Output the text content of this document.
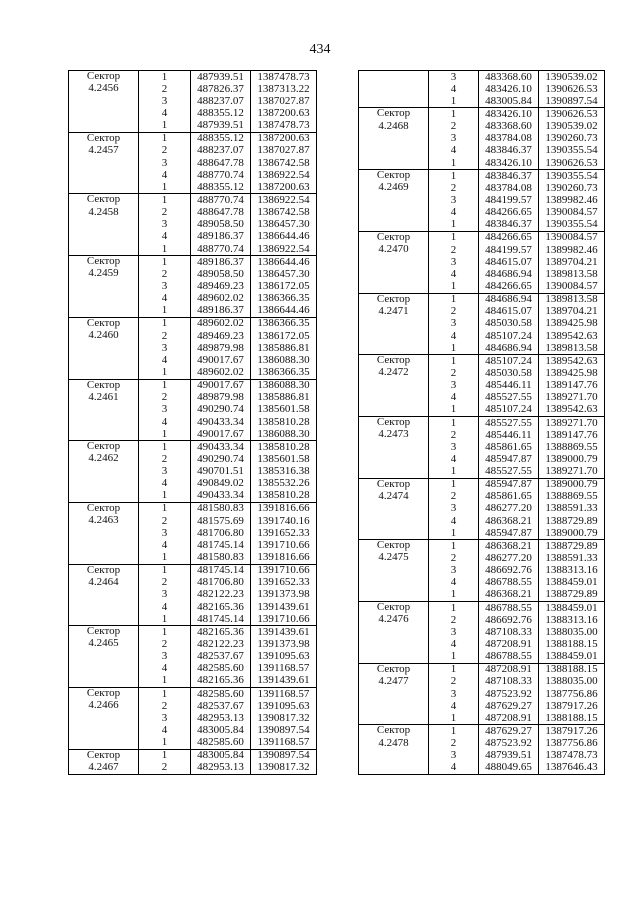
434
Сектор	1	487939.51	1387478.73

4.2456	2	487826.37	1387313.22
	3	488237.07	1387027.87
	4	488355.12	1387200.63
	1	487939.51	1387478.73

Сектор	1	488355.12	1387200.63

4.2457	2	488237.07	1387027.87
	3	488647.78	1386742.58
	4	488770.74	1386922.54
	1	488355.12	1387200.63

Сектор	1	488770.74	1386922.54

4.2458	2	488647.78	1386742.58
	3	489058.50	1386457.30
	4	489186.37	1386644.46
	1	488770.74	1386922.54

Сектор	1	489186.37	1386644.46

4.2459	2	489058.50	1386457.30
	3	489469.23	1386172.05
	4	489602.02	1386366.35
	1	489186.37	1386644.46

Сектор	1	489602.02	1386366.35

4.2460	2	489469.23	1386172.05
	3	489879.98	1385886.81
	4	490017.67	1386088.30
	1	489602.02	1386366.35

Сектор	1	490017.67	1386088.30

4.2461	2	489879.98	1385886.81
	3	490290.74	1385601.58
	4	490433.34	1385810.28
	1	490017.67	1386088.30

Сектор	1	490433.34	1385810.28

4.2462	2	490290.74	1385601.58
	3	490701.51	1385316.38
	4	490849.02	1385532.26
	1	490433.34	1385810.28

Сектор	1	481580.83	1391816.66

4.2463	2	481575.69	1391740.16
	3	481706.80	1391652.33
	4	481745.14	1391710.66
	1	481580.83	1391816.66

Сектор	1	481745.14	1391710.66

4.2464	2	481706.80	1391652.33
	3	482122.23	1391373.98
	4	482165.36	1391439.61
	1	481745.14	1391710.66

Сектор	1	482165.36	1391439.61

4.2465	2	482122.23	1391373.98
	3	482537.67	1391095.63
	4	482585.60	1391168.57
	1	482165.36	1391439.61

Сектор	1	482585.60	1391168.57

4.2466	2	482537.67	1391095.63
	3	482953.13	1390817.32
	4	483005.84	1390897.54
	1	482585.60	1391168.57

Сектор	1	483005.84	1390897.54

4.2467	2	482953.13	1390817.32
	3	483368.60	1390539.02

	4	483426.10	1390626.53
	1	483005.84	1390897.54

Сектор	1	483426.10	1390626.53

4.2468	2	483368.60	1390539.02
	3	483784.08	1390260.73
	4	483846.37	1390355.54
	1	483426.10	1390626.53

Сектор	1	483846.37	1390355.54

4.2469	2	483784.08	1390260.73
	3	484199.57	1389982.46
	4	484266.65	1390084.57
	1	483846.37	1390355.54

Сектор	1	484266.65	1390084.57

4.2470	2	484199.57	1389982.46
	3	484615.07	1389704.21
	4	484686.94	1389813.58
	1	484266.65	1390084.57

Сектор	1	484686.94	1389813.58

4.2471	2	484615.07	1389704.21
	3	485030.58	1389425.98
	4	485107.24	1389542.63
	1	484686.94	1389813.58

Сектор	1	485107.24	1389542.63

4.2472	2	485030.58	1389425.98
	3	485446.11	1389147.76
	4	485527.55	1389271.70
	1	485107.24	1389542.63

Сектор	1	485527.55	1389271.70

4.2473	2	485446.11	1389147.76
	3	485861.65	1388869.55
	4	485947.87	1389000.79
	1	485527.55	1389271.70

Сектор	1	485947.87	1389000.79

4.2474	2	485861.65	1388869.55
	3	486277.20	1388591.33
	4	486368.21	1388729.89
	1	485947.87	1389000.79

Сектор	1	486368.21	1388729.89

4.2475	2	486277.20	1388591.33
	3	486692.76	1388313.16
	4	486788.55	1388459.01
	1	486368.21	1388729.89

Сектор	1	486788.55	1388459.01

4.2476	2	486692.76	1388313.16
	3	487108.33	1388035.00
	4	487208.91	1388188.15
	1	486788.55	1388459.01

Сектор	1	487208.91	1388188.15

4.2477	2	487108.33	1388035.00
	3	487523.92	1387756.86
	4	487629.27	1387917.26
	1	487208.91	1388188.15

Сектор	1	487629.27	1387917.26

4.2478	2	487523.92	1387756.86
	3	487939.51	1387478.73
	4	488049.65	1387646.43
